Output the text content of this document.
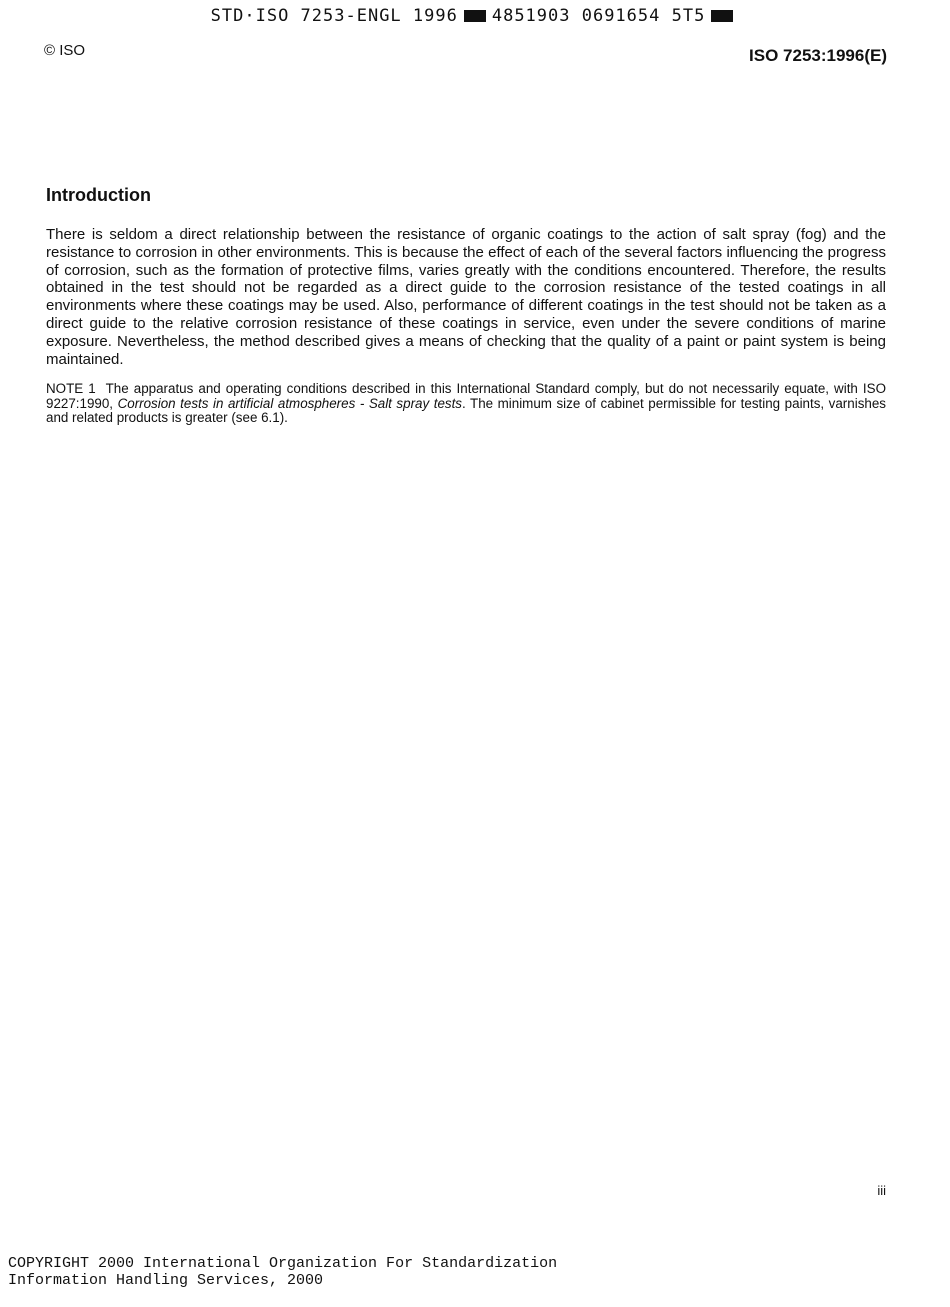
STD·ISO 7253-ENGL 1996 4851903 0691654 5T5
© ISO	ISO 7253:1996(E)
Introduction

There is seldom a direct relationship between the resistance of organic coatings to the action of salt spray (fog) and the resistance to corrosion in other environments. This is because the effect of each of the several factors influencing the progress of corrosion, such as the formation of protective films, varies greatly with the conditions encountered. Therefore, the results obtained in the test should not be regarded as a direct guide to the corrosion resistance of the tested coatings in all environments where these coatings may be used. Also, performance of different coatings in the test should not be taken as a direct guide to the relative corrosion resistance of these coatings in service, even under the severe conditions of marine exposure. Nevertheless, the method described gives a means of checking that the quality of a paint or paint system is being maintained.

NOTE 1 The apparatus and operating conditions described in this International Standard comply, but do not necessarily equate, with ISO 9227:1990, Corrosion tests in artificial atmospheres - Salt spray tests. The minimum size of cabinet permissible for testing paints, varnishes and related products is greater (see 6.1).

iii
COPYRIGHT 2000 International Organization For Standardization
Information Handling Services, 2000
